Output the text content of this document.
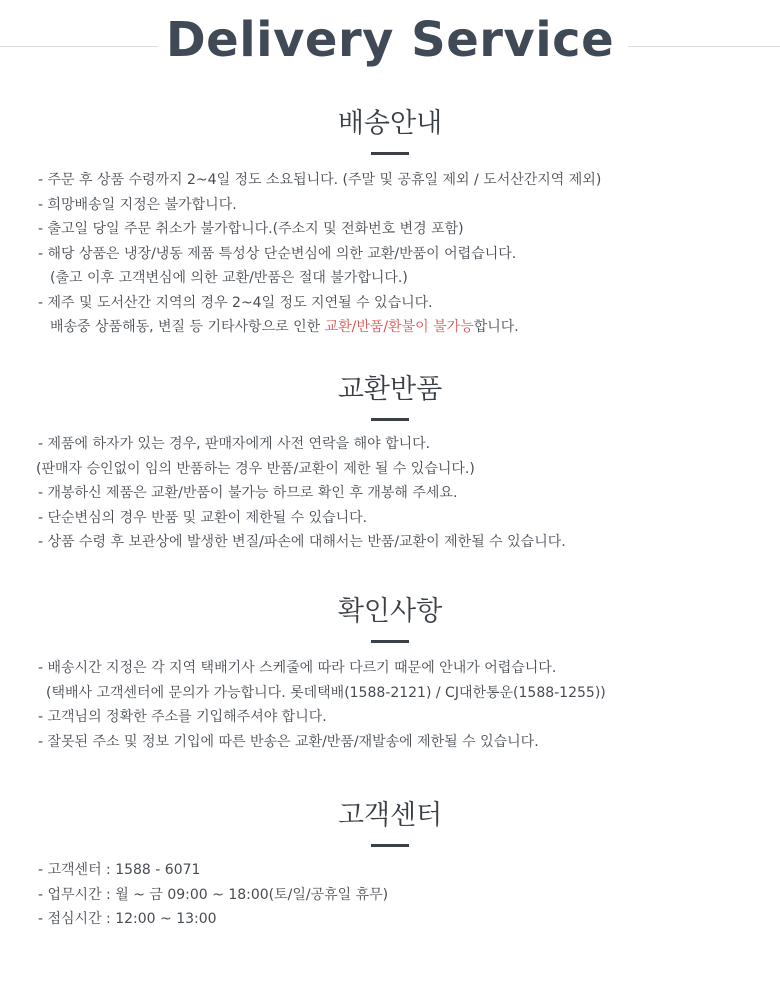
Delivery Service
배송안내
- 주문 후 상품 수령까지 2~4일 정도 소요됩니다. (주말 및 공휴일 제외 / 도서산간지역 제외)
- 희망배송일 지정은 불가합니다.
- 출고일 당일 주문 취소가 불가합니다.(주소지 및 전화번호 변경 포함)
- 해당 상품은 냉장/냉동 제품 특성상 단순변심에 의한 교환/반품이 어렵습니다.
(출고 이후 고객변심에 의한 교환/반품은 절대 불가합니다.)
- 제주 및 도서산간 지역의 경우 2~4일 정도 지연될 수 있습니다.
배송중 상품해동, 변질 등 기타사항으로 인한 교환/반품/환불이 불가능합니다.
교환반품
- 제품에 하자가 있는 경우, 판매자에게 사전 연락을 해야 합니다.
(판매자 승인없이 임의 반품하는 경우 반품/교환이 제한 될 수 있습니다.)
- 개봉하신 제품은 교환/반품이 불가능 하므로 확인 후 개봉해 주세요.
- 단순변심의 경우 반품 및 교환이 제한될 수 있습니다.
- 상품 수령 후 보관상에 발생한 변질/파손에 대해서는 반품/교환이 제한될 수 있습니다.
확인사항
- 배송시간 지정은 각 지역 택배기사 스케줄에 따라 다르기 때문에 안내가 어렵습니다.
(택배사 고객센터에 문의가 가능합니다. 롯데택배(1588-2121) / CJ대한통운(1588-1255))
- 고객님의 정확한 주소를 기입해주셔야 합니다.
- 잘못된 주소 및 정보 기입에 따른 반송은 교환/반품/재발송에 제한될 수 있습니다.
고객센터
- 고객센터 : 1588 - 6071
- 업무시간 : 월 ~ 금 09:00 ~ 18:00(토/일/공휴일 휴무)
- 점심시간 : 12:00 ~ 13:00
